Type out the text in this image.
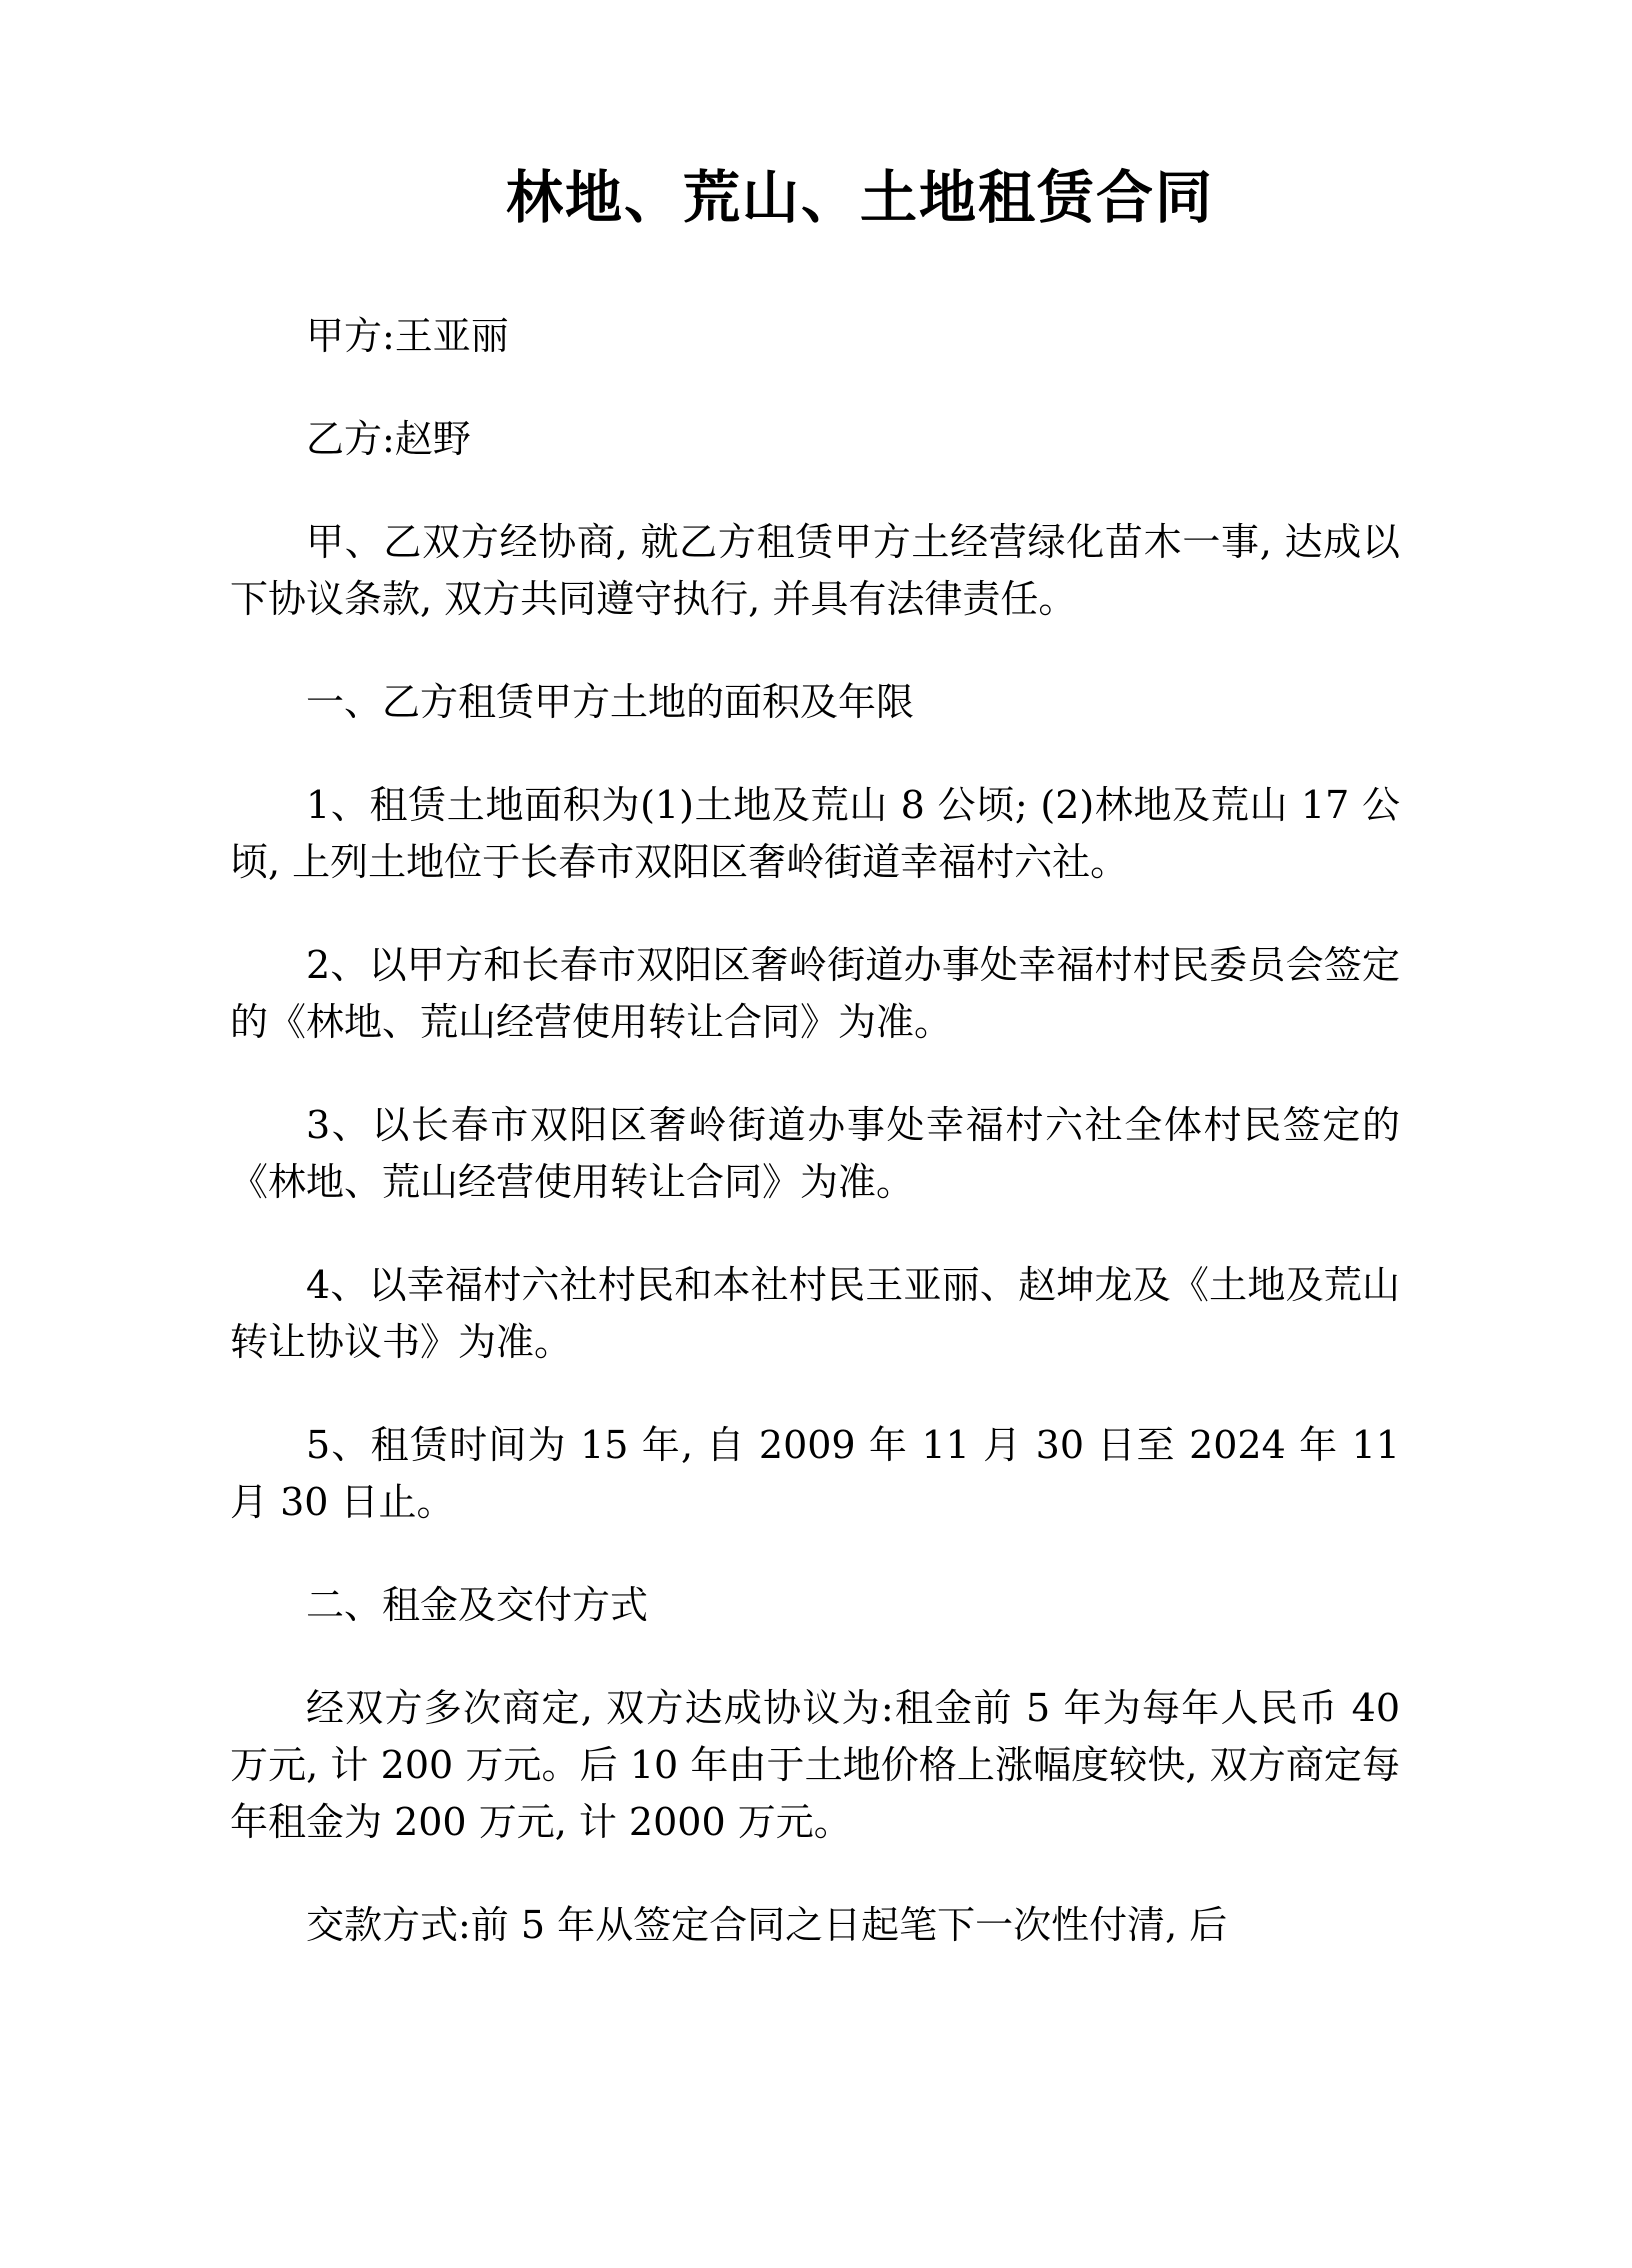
林地、荒山、土地租赁合同

甲方:王亚丽

乙方:赵野

甲、乙双方经协商, 就乙方租赁甲方土经营绿化苗木一事, 达成以下协议条款, 双方共同遵守执行, 并具有法律责任。

一、乙方租赁甲方土地的面积及年限

1、租赁土地面积为(1)土地及荒山 8 公顷; (2)林地及荒山 17 公顷, 上列土地位于长春市双阳区奢岭街道幸福村六社。

2、以甲方和长春市双阳区奢岭街道办事处幸福村村民委员会签定的《林地、荒山经营使用转让合同》为准。

3、以长春市双阳区奢岭街道办事处幸福村六社全体村民签定的《林地、荒山经营使用转让合同》为准。

4、以幸福村六社村民和本社村民王亚丽、赵坤龙及《土地及荒山转让协议书》为准。

5、租赁时间为 15 年, 自 2009 年 11 月 30 日至 2024 年 11 月 30 日止。

二、租金及交付方式

经双方多次商定, 双方达成协议为:租金前 5 年为每年人民币 40 万元, 计 200 万元。后 10 年由于土地价格上涨幅度较快, 双方商定每年租金为 200 万元, 计 2000 万元。

交款方式:前 5 年从签定合同之日起笔下一次性付清, 后
